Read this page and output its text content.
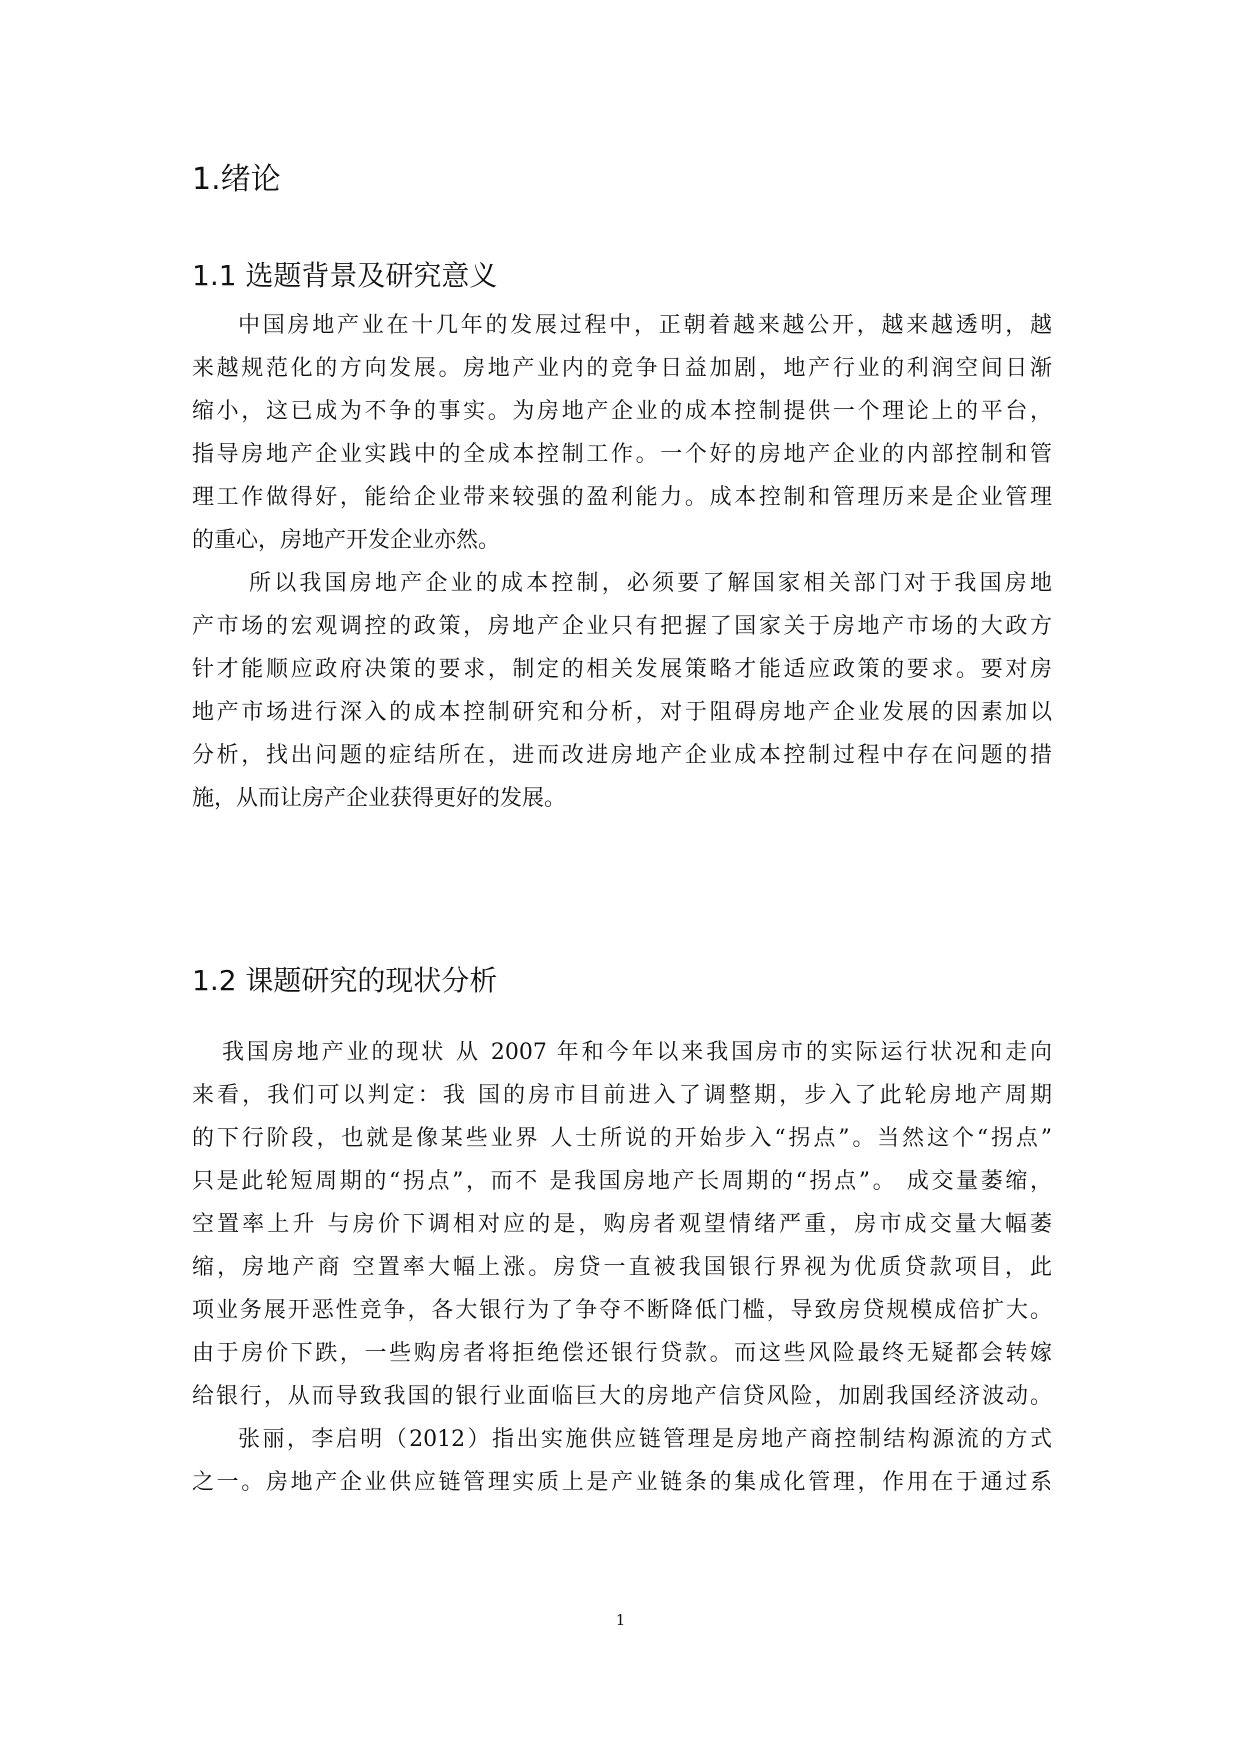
1.绪论
1.1 选题背景及研究意义

中国房地产业在十几年的发展过程中，正朝着越来越公开，越来越透明，越

来越规范化的方向发展。房地产业内的竞争日益加剧，地产行业的利润空间日渐

缩小，这已成为不争的事实。为房地产企业的成本控制提供一个理论上的平台，

指导房地产企业实践中的全成本控制工作。一个好的房地产企业的内部控制和管

理工作做得好，能给企业带来较强的盈利能力。成本控制和管理历来是企业管理

的重心，房地产开发企业亦然。

所以我国房地产企业的成本控制，必须要了解国家相关部门对于我国房地

产市场的宏观调控的政策，房地产企业只有把握了国家关于房地产市场的大政方

针才能顺应政府决策的要求，制定的相关发展策略才能适应政策的要求。要对房

地产市场进行深入的成本控制研究和分析，对于阻碍房地产企业发展的因素加以

分析，找出问题的症结所在，进而改进房地产企业成本控制过程中存在问题的措

施，从而让房产企业获得更好的发展。

1.2 课题研究的现状分析

我国房地产业的现状 从 2007 年和今年以来我国房市的实际运行状况和走向

来看，我们可以判定：我 国的房市目前进入了调整期，步入了此轮房地产周期

的下行阶段，也就是像某些业界 人士所说的开始步入“拐点”。当然这个“拐点”

只是此轮短周期的“拐点”，而不 是我国房地产长周期的“拐点”。 成交量萎缩，

空置率上升 与房价下调相对应的是，购房者观望情绪严重，房市成交量大幅萎

缩，房地产商 空置率大幅上涨。房贷一直被我国银行界视为优质贷款项目，此

项业务展开恶性竞争，各大银行为了争夺不断降低门槛，导致房贷规模成倍扩大。

由于房价下跌，一些购房者将拒绝偿还银行贷款。而这些风险最终无疑都会转嫁

给银行，从而导致我国的银行业面临巨大的房地产信贷风险，加剧我国经济波动。

张丽，李启明（2012）指出实施供应链管理是房地产商控制结构源流的方式

之一。房地产企业供应链管理实质上是产业链条的集成化管理，作用在于通过系

1
